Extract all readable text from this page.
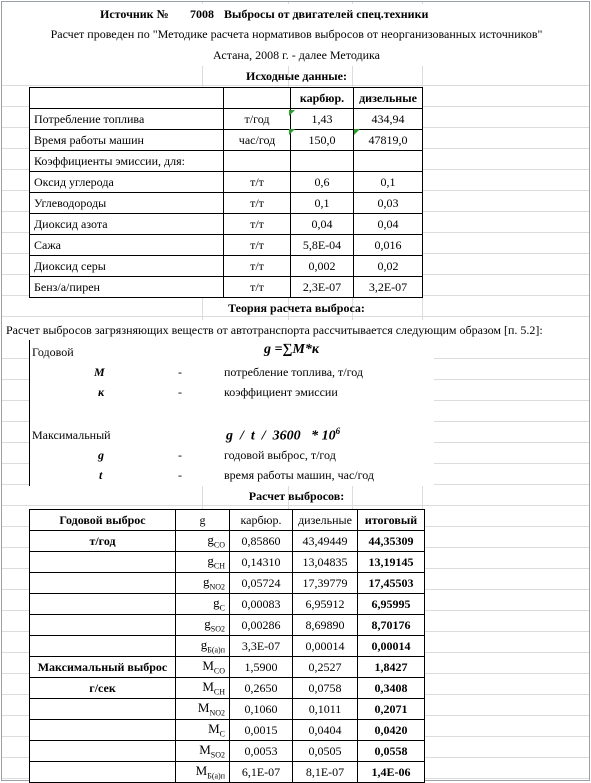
Источник № 7008 Выбросы от двигателей спец.техники
Расчет проведен по "Методике расчета нормативов выбросов от неорганизованных источников"
Астана, 2008 г. - далее Методика
Исходные данные:
		карбюр.	дизельные
Потребление топлива	т/год	1,43	434,94
Время работы машин	час/год	150,0	47819,0
Коэффициенты эмиссии, для:			
Оксид углерода	т/т	0,6	0,1
Углеводороды	т/т	0,1	0,03
Диоксид азота	т/т	0,04	0,04
Сажа	т/т	5,8E-04	0,016
Диоксид серы	т/т	0,002	0,02
Бенз/а/пирен	т/т	2,3E-07	3,2E-07
Теория расчета выброса:
Расчет выбросов загрязняющих веществ от автотранспорта рассчитывается следующим образом [п. 5.2]:
Годовой	g =∑M*к
M	-	потребление топлива, т/год
к	-	коэффициент эмиссии
Максимальный	g  /  t  /  $3600 * 10^6$
g	-	годовой выброс, т/год
t	-	время работы машин, час/год
Расчет выбросов:
Годовой выброс	g	карбюр.	дизельные	итоговый
т/год	$g_{CO}$	0,85860	43,49449	44,35309
	$g_{CH}$	0,14310	13,04835	13,19145
	$g_{NO2}$	0,05724	17,39779	17,45503
	$g_C$	0,00083	6,95912	6,95995
	$g_{SO2}$	0,00286	8,69890	8,70176
	$g_{Б(а)п}$	3,3E-07	0,00014	0,00014
Максимальный выброс	$M_{CO}$	1,5900	0,2527	1,8427
г/сек	$M_{CH}$	0,2650	0,0758	0,3408
	$M_{NO2}$	0,1060	0,1011	0,2071
	$M_C$	0,0015	0,0404	0,0420
	$M_{SO2}$	0,0053	0,0505	0,0558
	$M_{Б(а)п}$	6,1E-07	8,1E-07	1,4E-06
